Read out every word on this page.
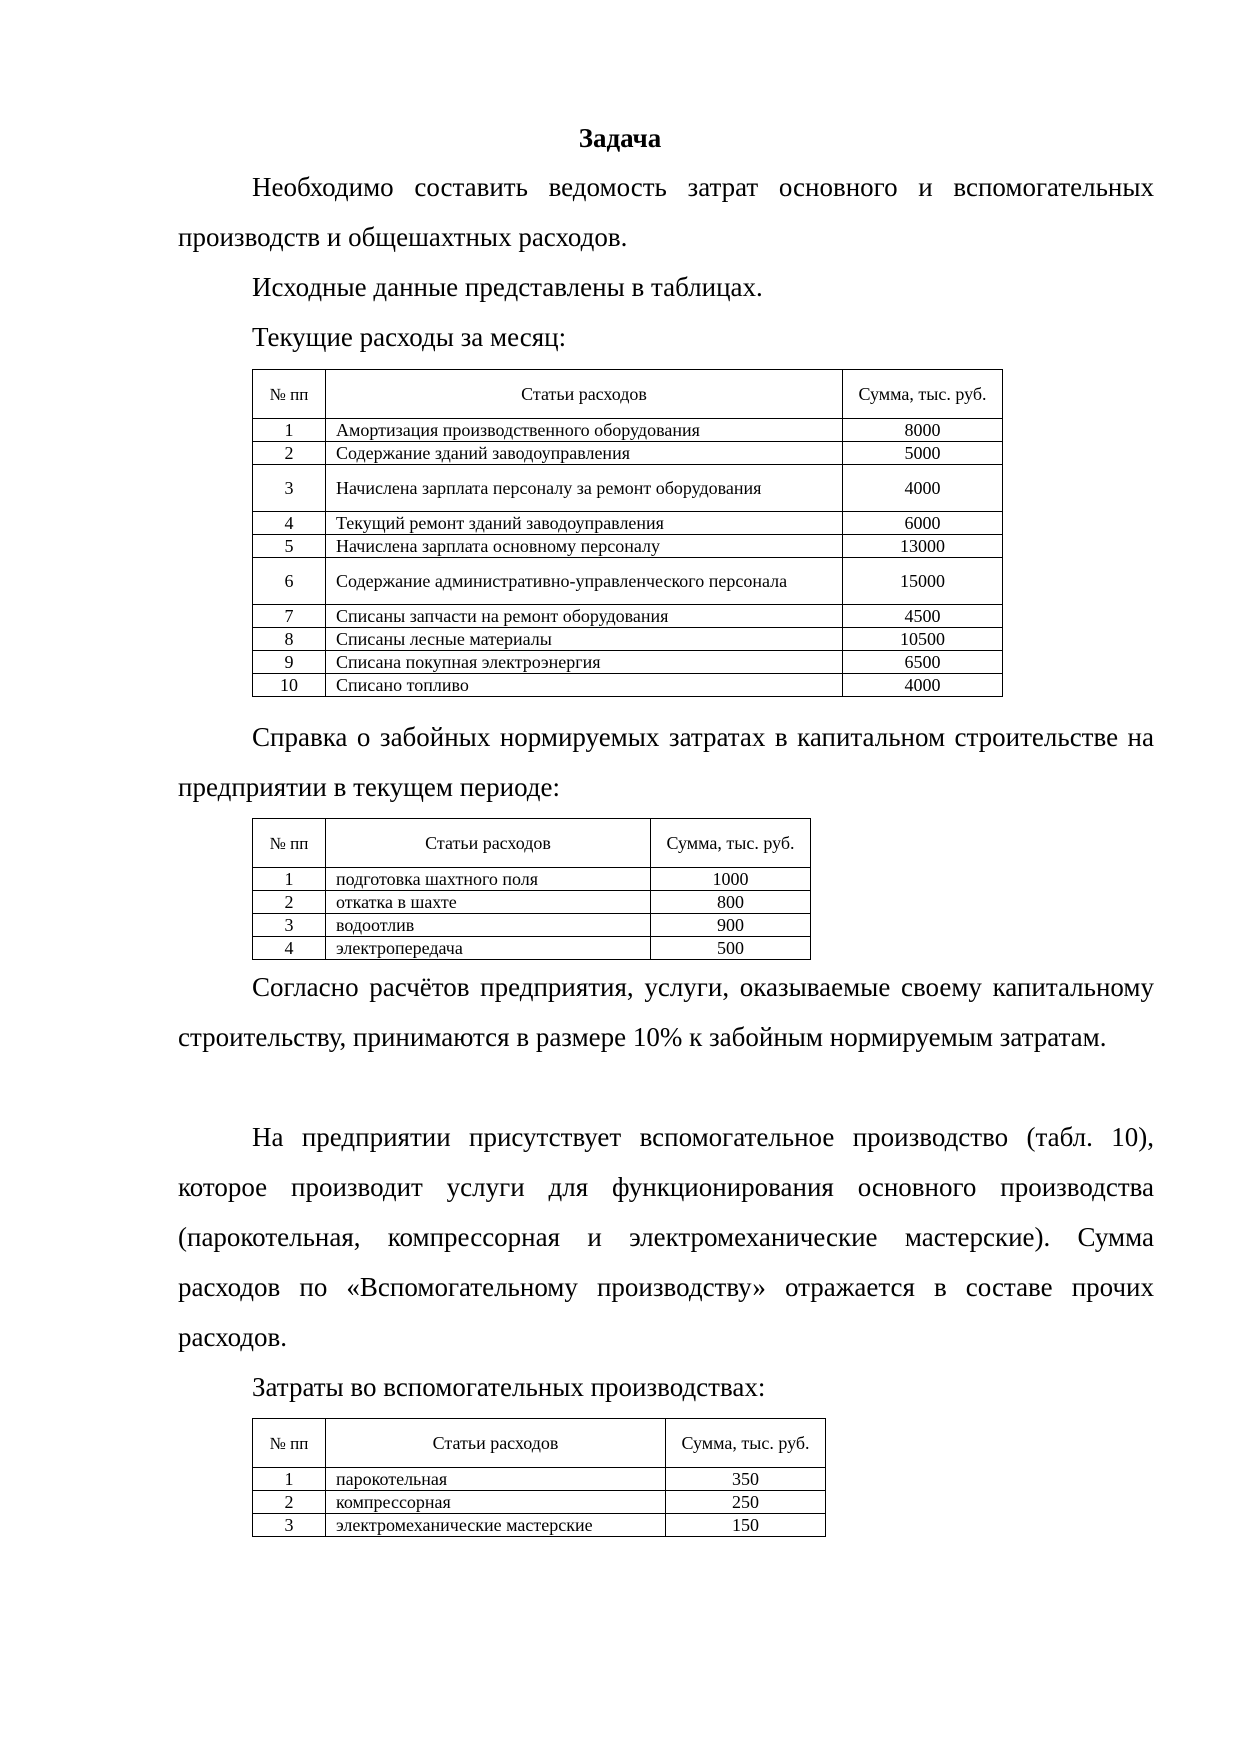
Задача

Необходимо составить ведомость затрат основного и вспомогательных производств и общешахтных расходов.

Исходные данные представлены в таблицах.

Текущие расходы за месяц:

№ пп	Статьи расходов	Сумма, тыс. руб.
1	Амортизация производственного оборудования	8000
2	Содержание зданий заводоуправления	5000
3	Начислена зарплата персоналу за ремонт оборудования	4000
4	Текущий ремонт зданий заводоуправления	6000
5	Начислена зарплата основному персоналу	13000
6	Содержание административно-управленческого персонала	15000
7	Списаны запчасти на ремонт оборудования	4500
8	Списаны лесные материалы	10500
9	Списана покупная электроэнергия	6500
10	Списано топливо	4000

Справка о забойных нормируемых затратах в капитальном строительстве на предприятии в текущем периоде:

№ пп	Статьи расходов	Сумма, тыс. руб.
1	подготовка шахтного поля	1000
2	откатка в шахте	800
3	водоотлив	900
4	электропередача	500

Согласно расчётов предприятия, услуги, оказываемые своему капитальному строительству, принимаются в размере 10% к забойным нормируемым затратам.

На предприятии присутствует вспомогательное производство (табл. 10), которое производит услуги для функционирования основного производства (парокотельная, компрессорная и электромеханические мастерские). Сумма расходов по «Вспомогательному производству» отражается в составе прочих расходов.

Затраты во вспомогательных производствах:

№ пп	Статьи расходов	Сумма, тыс. руб.
1	парокотельная	350
2	компрессорная	250
3	электромеханические мастерские	150
